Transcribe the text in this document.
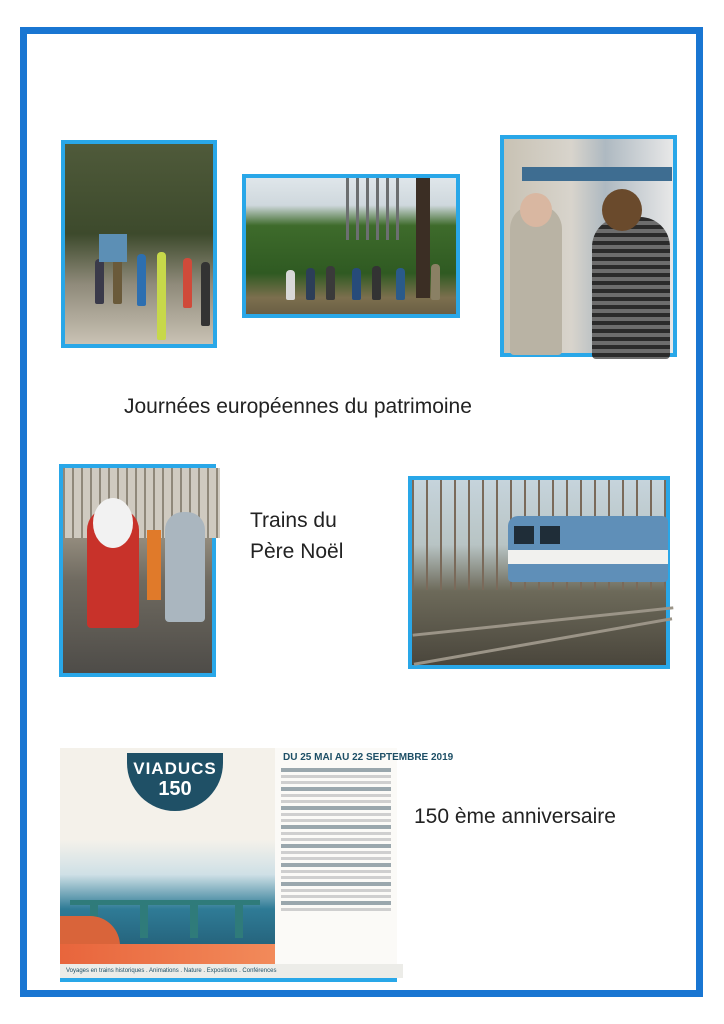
Journées européennes du patrimoine
Trains du
Père Noël
VIADUCS
150
DU 25 MAI AU 22 SEPTEMBRE 2019
Voyages en trains historiques . Animations . Nature . Expositions . Conférences
150 ème anniversaire
